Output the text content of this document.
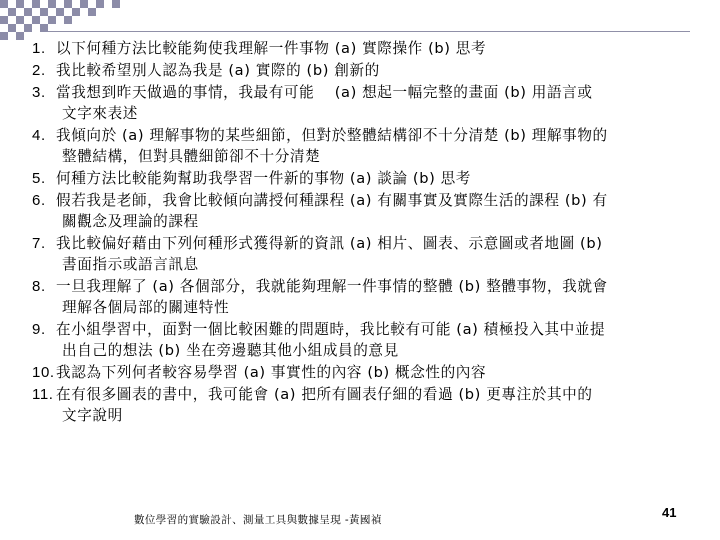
1. 以下何種方法比較能夠使我理解一件事物 (a) 實際操作 (b) 思考
2. 我比較希望別人認為我是 (a) 實際的 (b) 創新的
3. 當我想到昨天做過的事情，我最有可能　 (a) 想起一幅完整的畫面 (b) 用語言或
文字來表述
4. 我傾向於 (a) 理解事物的某些細節，但對於整體結構卻不十分清楚 (b) 理解事物的
整體結構，但對具體細節卻不十分清楚
5. 何種方法比較能夠幫助我學習一件新的事物 (a) 談論 (b) 思考
6. 假若我是老師，我會比較傾向講授何種課程 (a) 有關事實及實際生活的課程 (b) 有
關觀念及理論的課程
7. 我比較偏好藉由下列何種形式獲得新的資訊 (a) 相片、圖表、示意圖或者地圖 (b)
書面指示或語言訊息
8. 一旦我理解了 (a) 各個部分，我就能夠理解一件事情的整體 (b) 整體事物，我就會
理解各個局部的關連特性
9. 在小組學習中，面對一個比較困難的問題時，我比較有可能 (a) 積極投入其中並提
出自己的想法 (b) 坐在旁邊聽其他小組成員的意見
10. 我認為下列何者較容易學習 (a) 事實性的內容 (b) 概念性的內容
11. 在有很多圖表的書中，我可能會 (a) 把所有圖表仔細的看過 (b) 更專注於其中的
文字說明
數位學習的實驗設計、測量工具與數據呈現 -黃國禎	41
